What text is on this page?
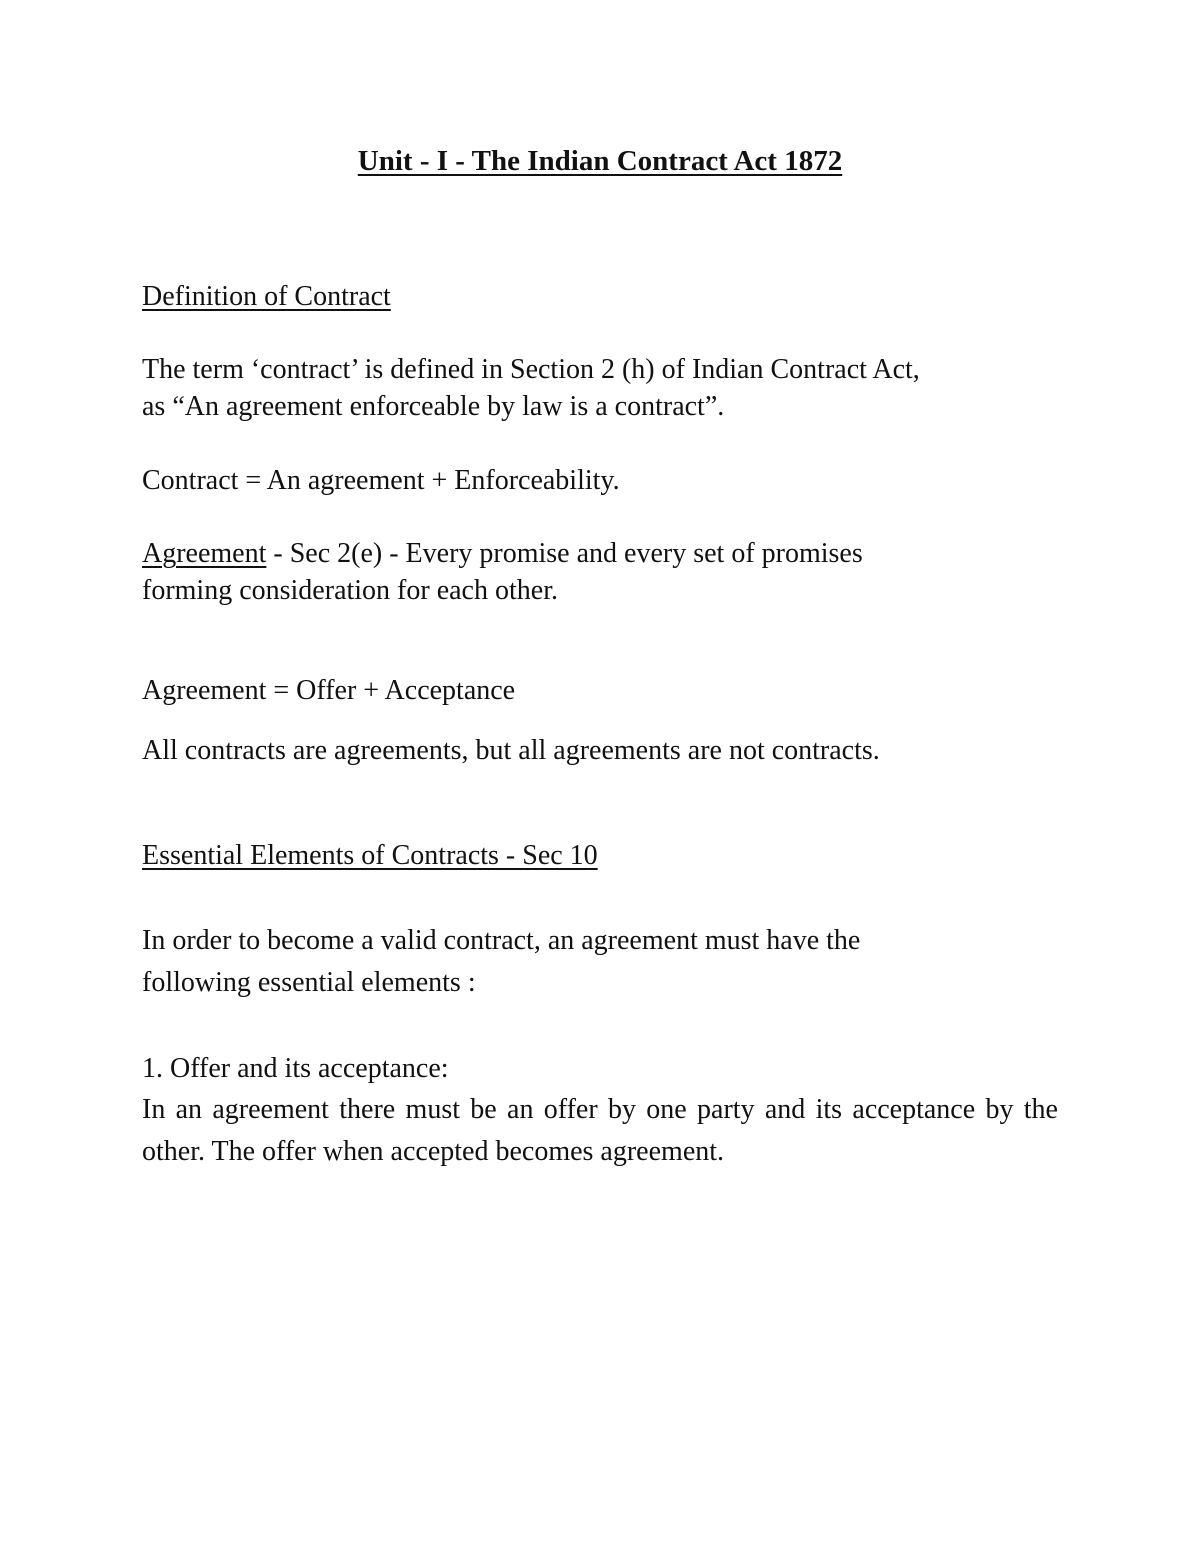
Unit - I - The Indian Contract Act 1872
Definition of Contract
The term ‘contract’ is defined in Section 2 (h) of Indian Contract Act,
as “An agreement enforceable by law is a contract”.
Contract = An agreement + Enforceability.
Agreement - Sec 2(e) - Every promise and every set of promises
forming consideration for each other.
Agreement = Offer + Acceptance
All contracts are agreements, but all agreements are not contracts.
Essential Elements of Contracts - Sec 10
In order to become a valid contract, an agreement must have the
following essential elements :
1. Offer and its acceptance:
In an agreement there must be an offer by one party and its acceptance by the other. The offer when accepted becomes agreement.
